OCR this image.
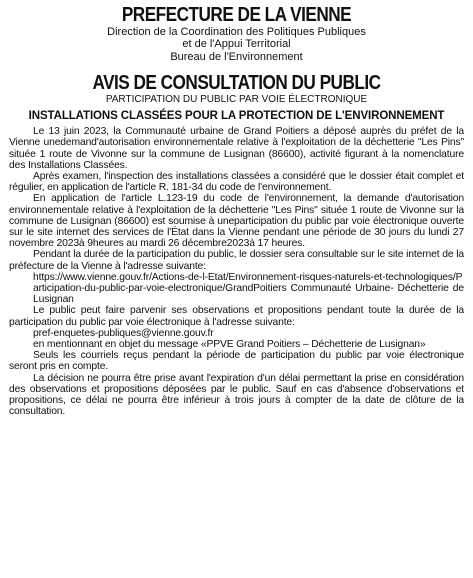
PREFECTURE DE LA VIENNE

Direction de la Coordination des Politiques Publiques

et de l'Appui Territorial

Bureau de l'Environnement

AVIS DE CONSULTATION DU PUBLIC

PARTICIPATION DU PUBLIC PAR VOIE ÉLECTRONIQUE

INSTALLATIONS CLASSÉES POUR LA PROTECTION DE L'ENVIRONNEMENT

Le 13 juin 2023, la Communauté urbaine de Grand Poitiers a déposé auprès du préfet de la Vienne unedemand'autorisation environnementale relative à l'exploitation de la déchetterie "Les Pins" située 1 route de Vivonne sur la commune de Lusignan (86600), activité figurant à la nomenclature des Installations Classées.

Après examen, l'inspection des installations classées a considéré que le dossier était complet et régulier, en application de l'article R. 181-34 du code de l'environnement.

En application de l'article L.123-19 du code de l'environnement, la demande d'autorisation environnementale relative à l'exploitation de la déchetterie "Les Pins" située 1 route de Vivonne sur la commune de Lusignan (86600) est soumise à uneparticipation du public par voie électronique ouverte sur le site internet des services de l'État dans la Vienne pendant une période de 30 jours du lundi 27 novembre 2023à 9heures au mardi 26 décembre2023à 17 heures.

Pendant la durée de la participation du public, le dossier sera consultable sur le site internet de la préfecture de la Vienne à l'adresse suivante:

https://www.vienne.gouv.fr/Actions-de-l-Etat/Environnement-risques-naturels-et-technologiques/Participation-du-public-par-voie-electronique/GrandPoitiers Communauté Urbaine- Déchetterie de Lusignan

Le public peut faire parvenir ses observations et propositions pendant toute la durée de la participation du public par voie électronique à l'adresse suivante:

pref-enquetes-publiques@vienne.gouv.fr

en mentionnant en objet du message «PPVE Grand Poitiers – Déchetterie de Lusignan»

Seuls les courriels reçus pendant la période de participation du public par voie électronique seront pris en compte.

La décision ne pourra être prise avant l'expiration d'un délai permettant la prise en considération des observations et propositions déposées par le public. Sauf en cas d'absence d'observations et propositions, ce délai ne pourra être inférieur à trois jours à compter de la date de clôture de la consultation.
